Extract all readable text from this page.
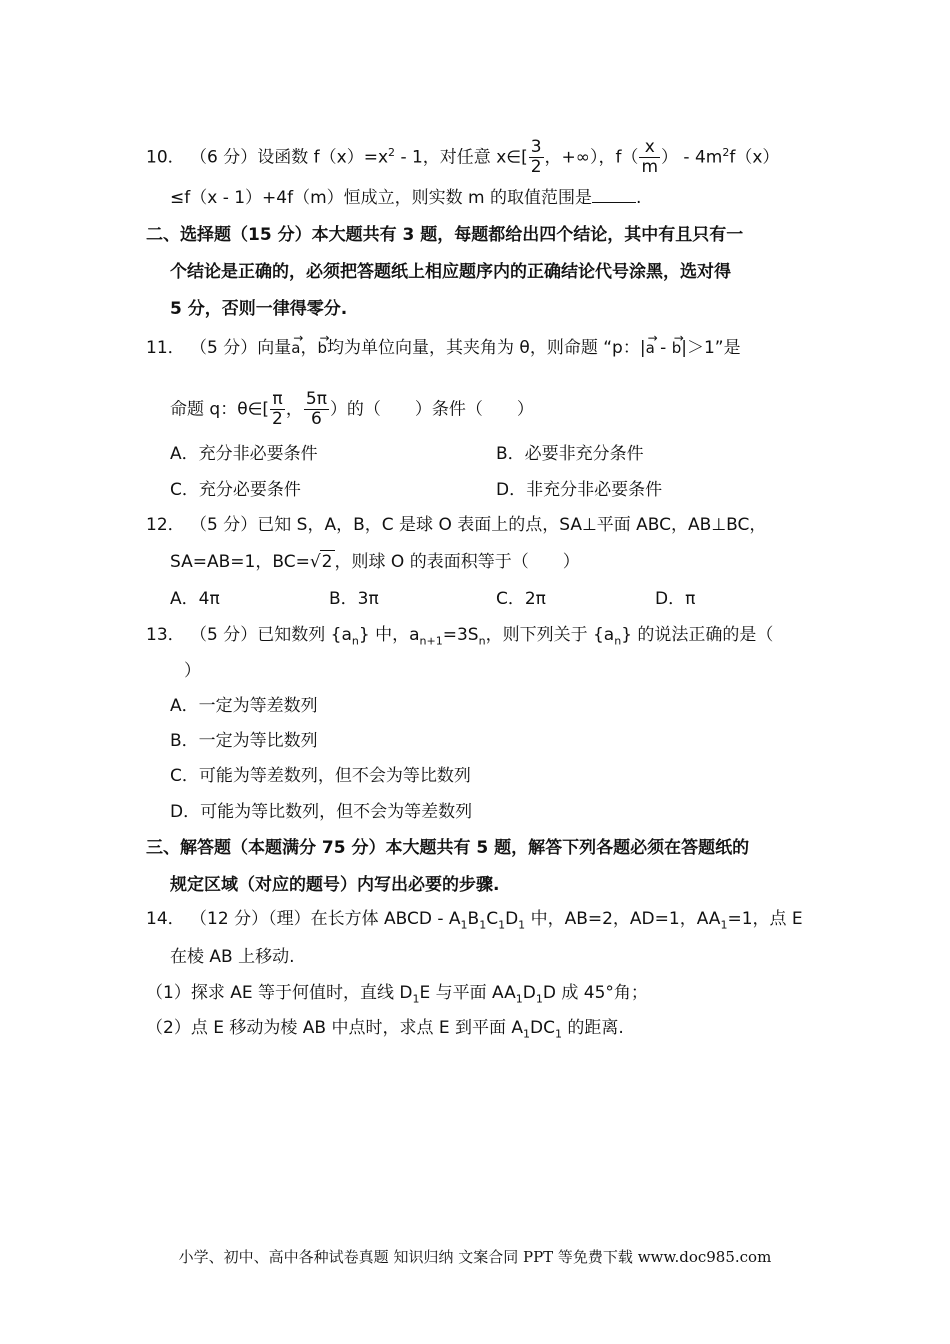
10． （6 分）设函数 $f(x)=x^2 - 1$，对任意 x∈[ $\frac{3}{2}$ ，+∞），$f( \frac{x}{m}$ ） - $4m^2f(x)$
≤f（x - 1）+4f（m）恒成立，则实数 m 的取值范围是	.
二、选择题（15 分）本大题共有 3 题，每题都给出四个结论，其中有且只有一
个结论是正确的，必须把答题纸上相应题序内的正确结论代号涂黑，选对得
5 分，否则一律得零分.
11． （5 分）向量→ a，→ b均为单位向量，其夹角为 θ，则命题 “p：|→ a - → b|＞1”是
命题 q：θ∈[ $\frac{\pi}{2}$ ， $\frac{5\pi}{6}$ ）的（　　）条件（　　）
A．充分非必要条件	B．必要非充分条件
C．充分必要条件	D．非充分非必要条件
12． （5 分）已知 S，A，B，C 是球 O 表面上的点，SA⊥平面 ABC，AB⊥BC，
SA=AB=1，BC=√2 ，则球 O 的表面积等于（　　）
A．4π	B．3π	C．2π	D．π
13． （5 分）已知数列 $\{a_n\}$ 中，$a_{n+1}=3S_n$，则下列关于 $\{a_n\}$ 的说法正确的是（
）
A．一定为等差数列
B．一定为等比数列
C．可能为等差数列，但不会为等比数列
D．可能为等比数列，但不会为等差数列
三、解答题（本题满分 75 分）本大题共有 5 题，解答下列各题必须在答题纸的
规定区域（对应的题号）内写出必要的步骤.
14． （12 分）（理）在长方体 ABCD - $A_1B_1C_1D_1$ 中，AB=2，AD=1，$AA_1=1$，点 E
在棱 AB 上移动.
（1）探求 AE 等于何值时，直线 $D_1E$ 与平面 $AA_1D_1D$ 成 45°角；
（2）点 E 移动为棱 AB 中点时，求点 E 到平面 $A_1DC_1$ 的距离.
小学、初中、高中各种试卷真题 知识归纳 文案合同 PPT 等免费下载 www.doc985.com
